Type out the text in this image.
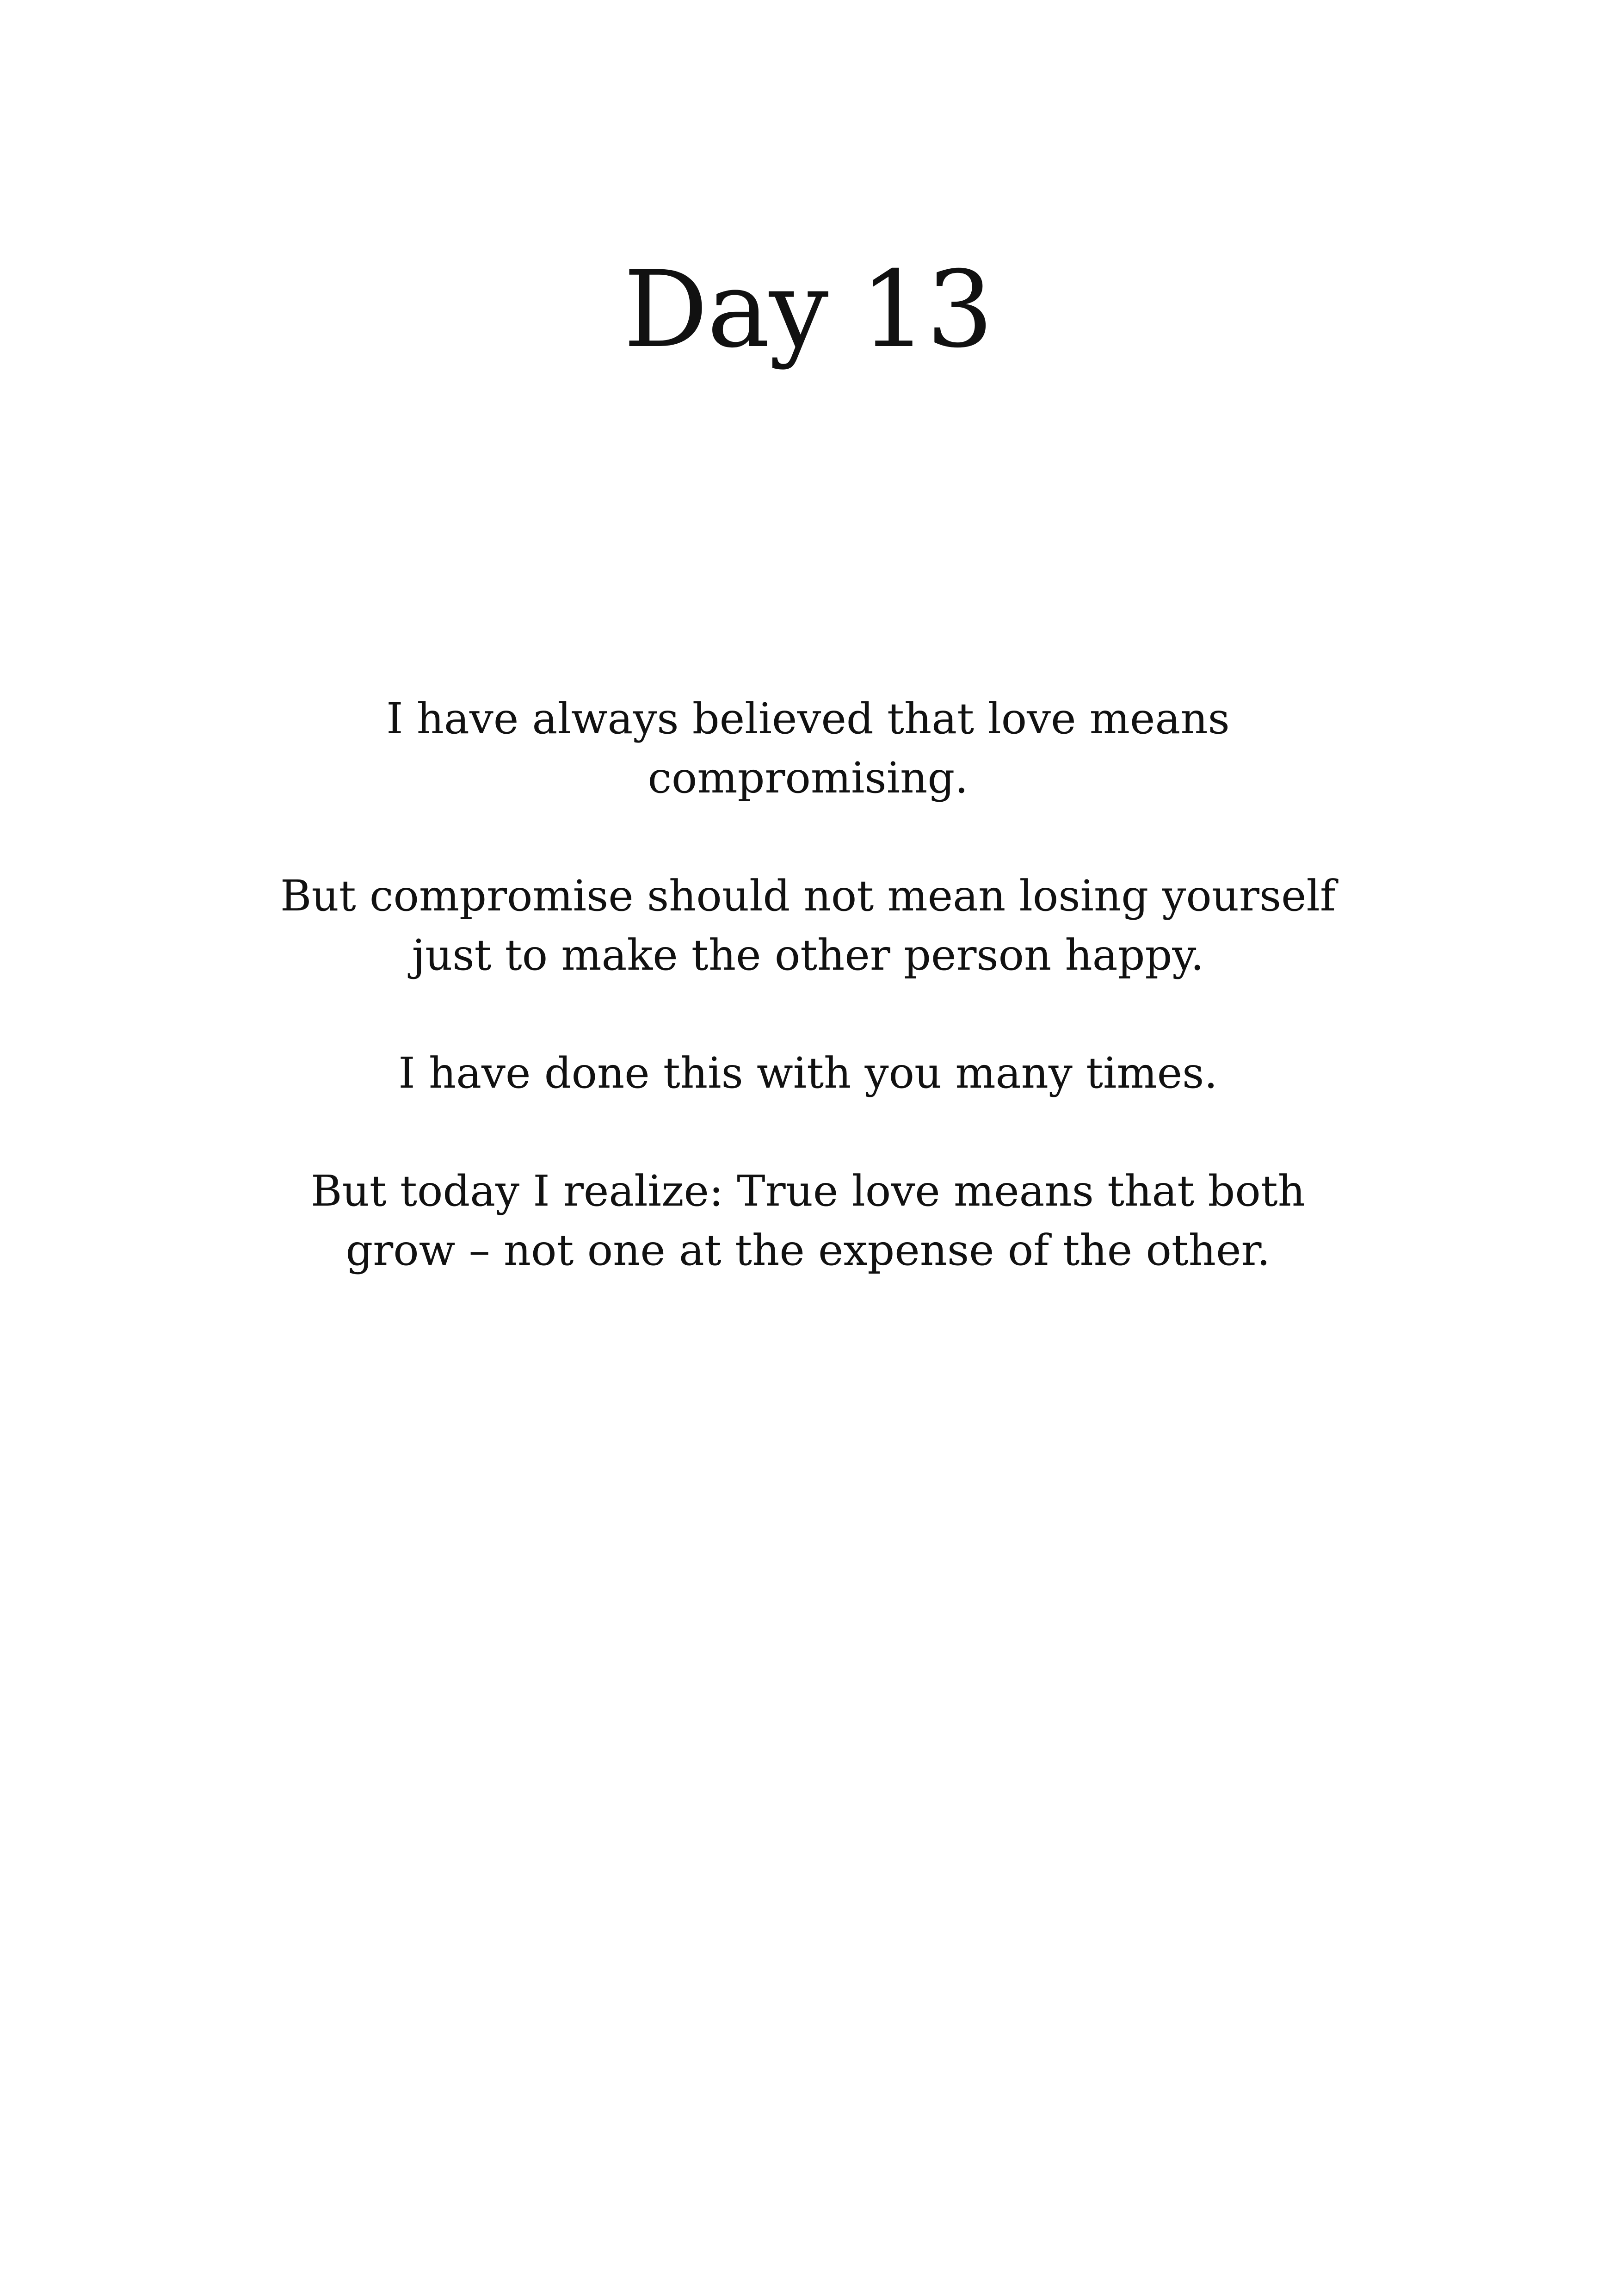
Day 13

I have always believed that love means
compromising.

But compromise should not mean losing yourself
just to make the other person happy.

I have done this with you many times.

But today I realize: True love means that both
grow – not one at the expense of the other.
